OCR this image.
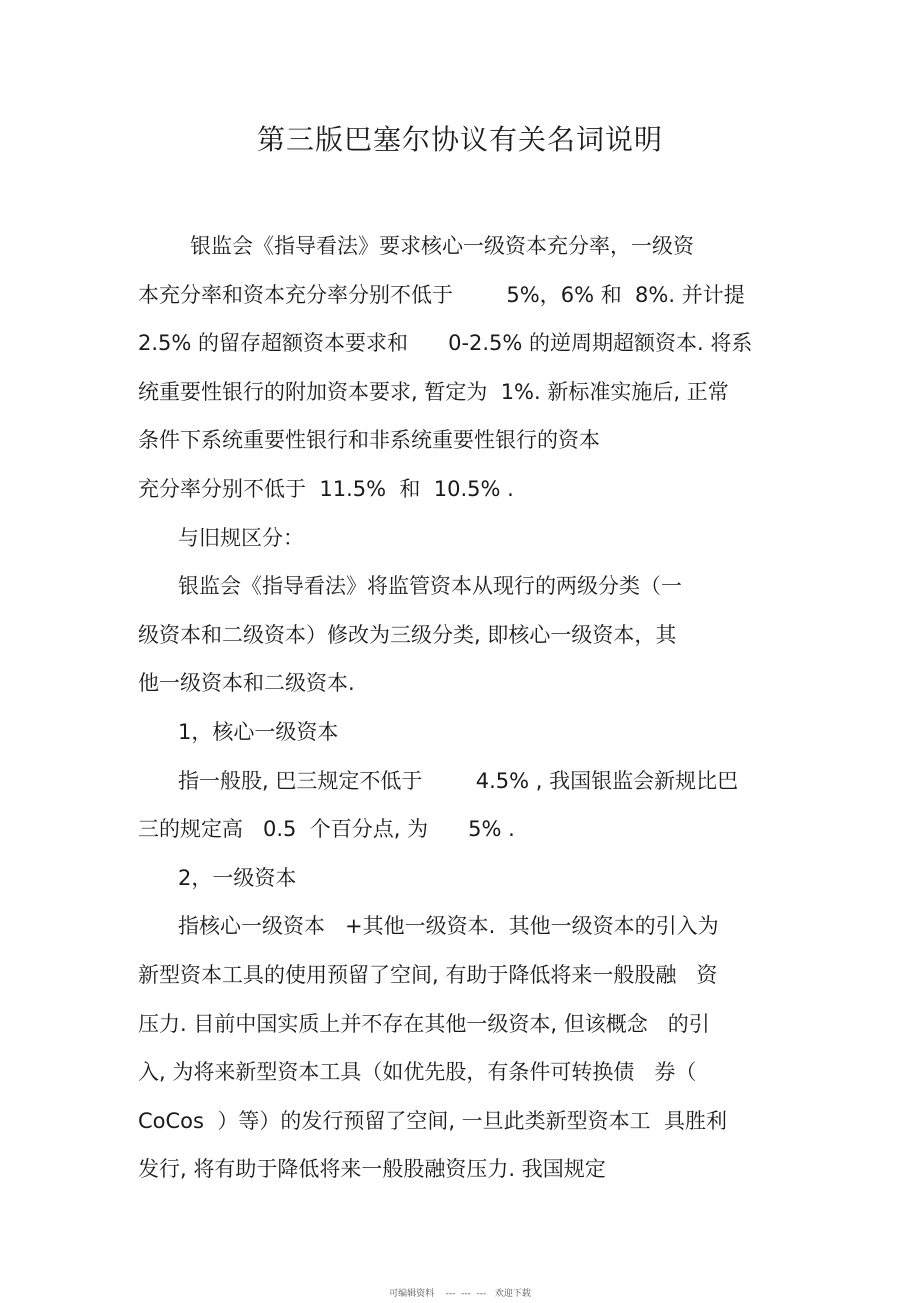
第三版巴塞尔协议有关名词说明
银监会《指导看法》要求核心一级资本充分率，一级资
本充分率和资本充分率分别不低于        5%，6% 和  8%. 并计提
2.5% 的留存超额资本要求和      0-2.5% 的逆周期超额资本. 将系
统重要性银行的附加资本要求, 暂定为  1%. 新标准实施后, 正常
条件下系统重要性银行和非系统重要性银行的资本
充分率分别不低于  11.5%  和  10.5% .
与旧规区分：
银监会《指导看法》将监管资本从现行的两级分类（一
级资本和二级资本）修改为三级分类, 即核心一级资本，其
他一级资本和二级资本.
1，核心一级资本
指一般股, 巴三规定不低于        4.5% , 我国银监会新规比巴
三的规定高   0.5  个百分点, 为      5% .
2，一级资本
指核心一级资本   +其他一级资本.  其他一级资本的引入为
新型资本工具的使用预留了空间, 有助于降低将来一般股融   资
压力. 目前中国实质上并不存在其他一级资本, 但该概念   的引
入, 为将来新型资本工具（如优先股，有条件可转换债   券（
CoCos  ）等）的发行预留了空间, 一旦此类新型资本工  具胜利
发行, 将有助于降低将来一般股融资压力. 我国规定
可编辑资料    ---  ---  ---   欢迎下载
